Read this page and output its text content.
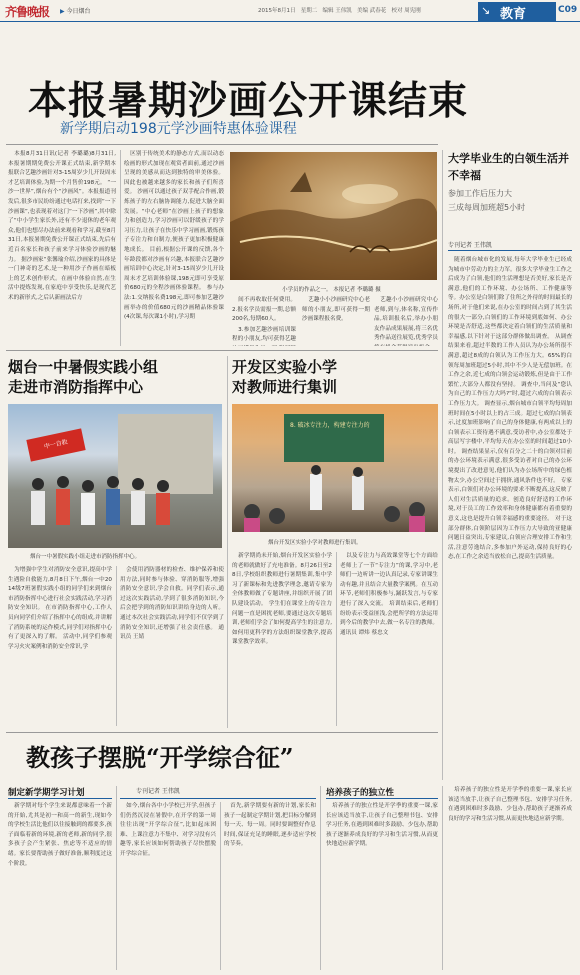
齐鲁晚报 ▶ 今日烟台	2015年8月1日 星期二 编辑 王伟凯 美编 武春花 校对 周宪刚	↘ 教育	C09
本报暑期沙画公开课结束
新学期启动198元学沙画特惠体验课程

本报8月31日讯(记者 李璐璐)8月31日,本报暑期期免费公开课正式结束,新学期本报联合艺趣沙画针对3-15周岁少儿开设周末才艺培训体验,为期一个月售价198元。 “一沙一世界”,烟台有个“沙画风”。本报报道刊发后,很多市民纷纷通过电话打来,找到“一下沙画课”,也表现着对这门“一下沙画”,其中除了“中小学生家长外,还有不少退休的老年观众,他们也想尽办法前来观看和学习,截至8月31日,本报暑期免费公开课正式结束,先后有近百名家长和孩子前来学习体验沙画的魅力。 据沙画家“张馨瑜介绍,沙画家的具体是一门神奇的艺术,是一种用沙子作画在暗板上的艺术创作形式。在画中体验自然,在生活中提炼发现,在家庭中享受快乐,是现代艺术的新形式,之后认新画法后方

区别于传统美术的静态方式,而以动态绘画的形式加现在观赏者面前,通过沙画呈现的美感从而达到独特的审美体验。因此也被越来越多的家长和孩子们所喜爱。 沙画可以通过孩子双手配合作画,锻炼孩子的左右脑协调能力,促进大脑全面发展。“中心老师”在沙画上孩子的想象力和创造力,学习沙画可以舒缓孩子的学习压力,让孩子在快乐中学习画画,锻炼孩子专注力和自制力,便孩子更加积极健康地成长。 目前,根据公开课的反馈,各个年龄段都对沙画有兴趣,本报联合艺趣沙画培训中心决定,针对3-15周岁少儿开设周末才艺培训体验课,198元即可享受原价680元的全程沙画体验课程。 参与办法:1.交纳报名费198元,即可参加艺趣沙画举办的价值680元的沙画精品体验课(4次课,每次课1小时),学习期

小学员的作品之一。 本报记者 李璐璐 摄

间不再收取任何费用。2.报名学员需报一期,总额200名,每期60人。

3.参加艺趣沙画培训课程的小朋友,均可获得艺趣

艺趣小小沙画研究中心老师的小朋友,即可获得一期沙画课程报名费。

艺趣小小沙画研究中心老师,到与,体名称,宣传作品,培训报名后,举办小朋友作品成果展展,将三名优秀作品送往展览,优秀学员

大学毕业生的白领生活并不幸福
参加工作后压力大
三成每周加班超5小时
专刊记者 王伟凯

随着烟台城市化的发展,每年大学毕业生已经成为城市中劳动力的主力军。很多大学毕业生工作之后成为了白领,他们的生活理想是否美好,家长是否满意,他们的工作环境、办公场所、工作健康等等。办公室是白领们除了住所之外待的时间最长的场所,对于他们来说,在办公室的时间占到了其生活的很大一部分,白领们的工作环境到底如何、办公环境是否舒适,这些都决定着白领们的生活质量和幸福感,以下针对于这部分群体做出调查。 从调查结果来看,超过半数的工作人员认为办公场所很不满意,超过8成的白领认为工作压力大。65%的白领每周加班超过5小时,其中不少人是无偿加班。在工作之余,近七成的白领会运动锻炼,但是由于工作繁忙,大部分人都没有坚持。 调查中,当问及“您认为自己的工作压力大吗?”时,超过六成的白领表示工作压力大。 调查显示,烟台城市白领平均每周加班时间在5小时以上的占三成。超过七成的白领表示,过度加班影响了自己的身体健康,有两成以上的白领表示工资待遇不满意,受访者中,办公室都处于高层写字楼中,平均每天在办公室的时间超过10小时。 调查结果显示,仅有百分之二十的白领对目前的办公环境表示满意,很多受访者对自己的办公环境提出了改进意见,他们认为办公场所中的绿色植物太少,办公空间过于拥挤,通风条件也不好。 专家表示,白领们对办公环境的要求不断提高,这反映了人们对生活质量的追求。创造良好舒适的工作环境,对于员工的工作效率和身体健康都有着重要的意义,这也是提升白领幸福感的重要途径。 对于这部分群体,白领阶层因为工作压力大导致的亚健康问题日益突出,专家建议,白领应合理安排工作和生活,注意劳逸结合,多参加户外运动,保持良好的心态,在工作之余适当放松自己,提高生活质量。

烟台一中暑假实践小组
走进市消防指挥中心
中一自救
烟台一中暑假实践小组走进市消防指挥中心。

为增强中学生对消防安全意识,提高中学生遇险自救能力,8月8日下午,烟台一中2014级7班暑假实践小组的同学们来到烟台市消防指挥中心进行社会实践活动,学习消防安全知识。 在市消防指挥中心,工作人员向同学们介绍了指挥中心的组成,并讲解了消防系统的运作模式,同学们对指挥中心有了更深入的了解。 活动中,同学们参观学习火灾案例和消防安全常识,学

会使用消防器材的检查、维护保养和使用方法,同时参与体验、穿消防服等,增强消防安全意识,学会自救。同学们表示,通过这次实践活动,学到了很多消防知识,今后会把学到的消防知识讲给身边的人听。 通过本次社会实践活动,同学们不仅学到了消防安全知识,还增强了社会责任感。 通讯员 王婧

开发区实验小学
对教师进行集训
8. 破冰专注力，构建专注力的
烟台开发区实验小学对教师进行集训。

新学期尚未开始,烟台开发区实验小学的老师就做好了充电准备。8月26日至28日,学校组织教师进行暑期集训,集中学习了新课标和先进教学理念,邀请专家为全体教师做了专题讲座,并组织开展了团队建设活动。 学生们在课堂上的专注力问题一直是困扰老师,要通过这次专题培训,老师们学会了如何提高学生的注意力,如何用更科学的方法组织课堂教学,提高课堂教学效率。

以及专注力与高效课堂等七个方面给老师上了一节“专注力”的课,学习中,老师们一边听讲一边认真记录,专家讲课生动有趣,并且结合大量教学案例。在互动环节,老师们积极参与,踊跃发言,与专家进行了深入交流。 培训结束后,老师们纷纷表示受益匪浅,会把所学的方法运用到今后的教学中去,做一名专注的教师。 通讯员 谭炜 蔡忠文

教孩子摆脱“开学综合征”
制定新学期学习计划

新学期对每个学生来说都意味着一个新的开始,尤其是初一和高一的新生,现如今的学校生活比他们以往接触到的都要多,孩子面临着新的环境,新的老师,新的同学,很多孩子会产生紧张、焦虑等不适应的情绪。家长要帮助孩子做好准备,顺利度过这个阶段。

专刊记者 王伟凯

如今,烟台各中小学校已开学,但孩子们仍然沉浸在暑假中,在开学的第一周往往出现“开学综合征”,比如起床困难、上课注意力不集中、对学习没有兴趣等,家长应该如何帮助孩子尽快摆脱开学综合征。

首先,新学期要有新的计划,家长和孩子一起制定学期计划,把目标分解到每一天、每一周。同时要调整好作息时间,保证充足的睡眠,逐步适应学校的节奏。

培养孩子的独立性

培养孩子的独立性是开学季的重要一课,家长应该适当放手,让孩子自己整理书包、安排学习任务,在遇到困难时多鼓励、少包办,帮助孩子逐渐养成良好的学习和生活习惯,从而更快地适应新学期。

培养孩子的独立性是开学季的重要一课,家长应该适当放手,让孩子自己整理书包、安排学习任务,在遇到困难时多鼓励、少包办,帮助孩子逐渐养成良好的学习和生活习惯,从而更快地适应新学期。
